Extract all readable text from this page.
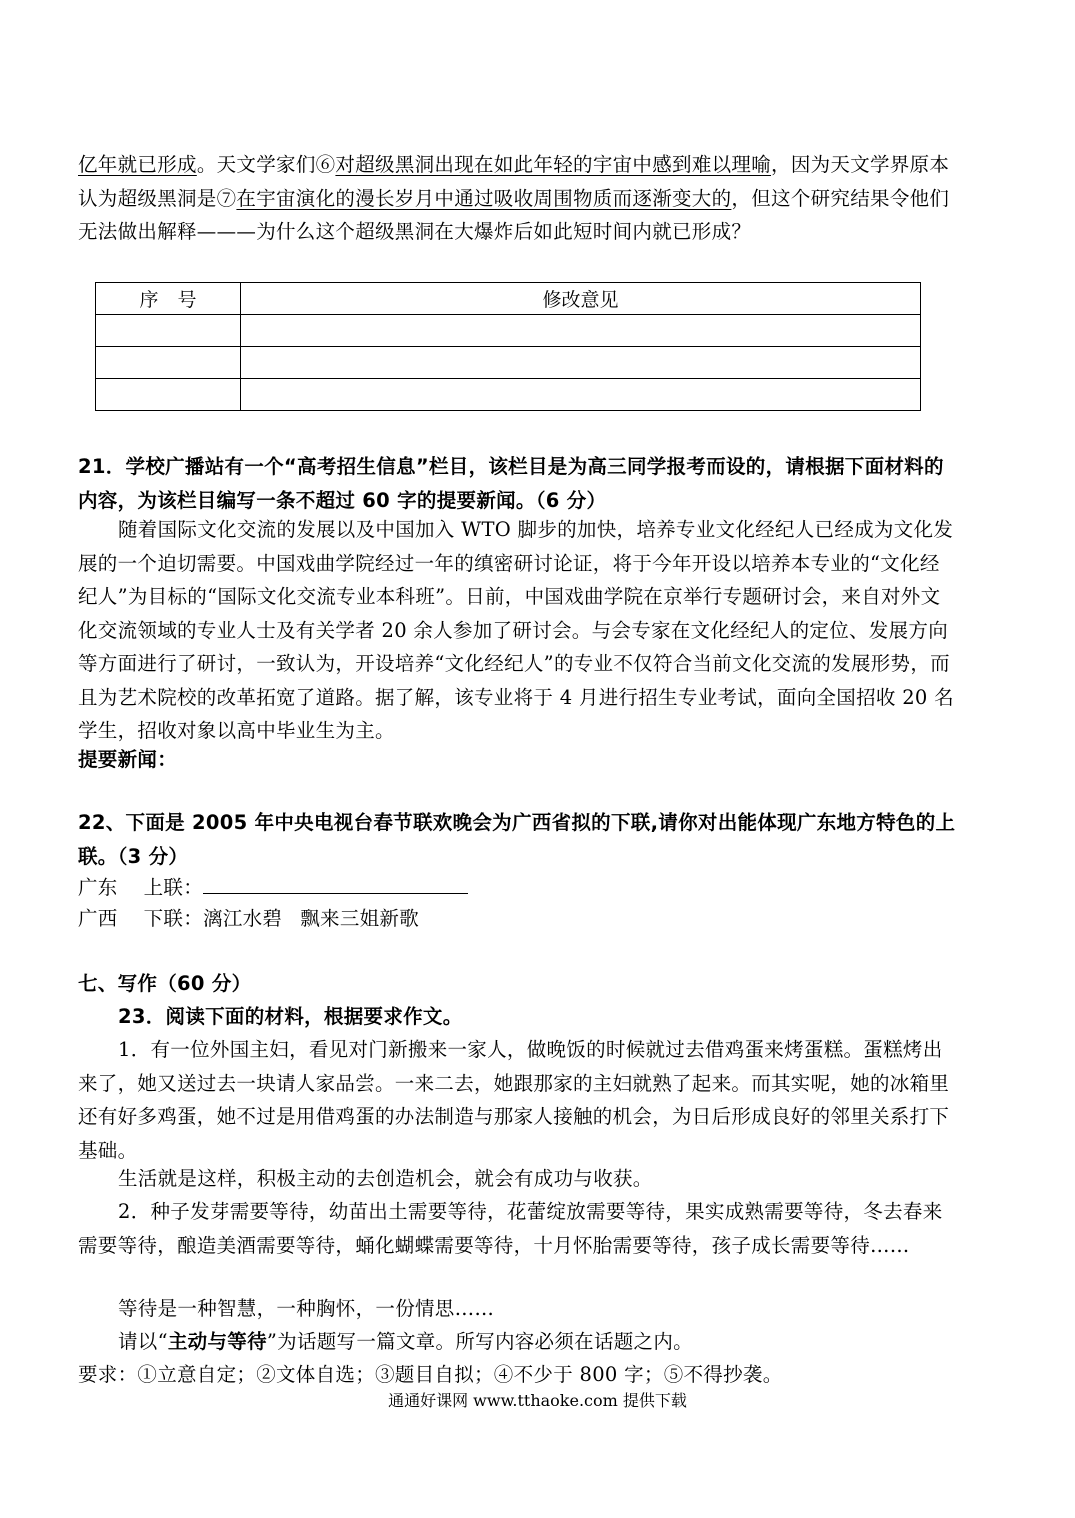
亿年就已形成。天文学家们⑥对超级黑洞出现在如此年轻的宇宙中感到难以理喻，因为天文学界原本认为超级黑洞是⑦在宇宙演化的漫长岁月中通过吸收周围物质而逐渐变大的，但这个研究结果令他们无法做出解释———为什么这个超级黑洞在大爆炸后如此短时间内就已形成？

序　号	修改意见

21．学校广播站有一个“高考招生信息”栏目，该栏目是为高三同学报考而设的，请根据下面材料的内容，为该栏目编写一条不超过 60 字的提要新闻。（6 分）

随着国际文化交流的发展以及中国加入 WTO 脚步的加快，培养专业文化经纪人已经成为文化发展的一个迫切需要。中国戏曲学院经过一年的缜密研讨论证，将于今年开设以培养本专业的“文化经纪人”为目标的“国际文化交流专业本科班”。日前，中国戏曲学院在京举行专题研讨会，来自对外文化交流领域的专业人士及有关学者 20 余人参加了研讨会。与会专家在文化经纪人的定位、发展方向等方面进行了研讨，一致认为，开设培养“文化经纪人”的专业不仅符合当前文化交流的发展形势，而且为艺术院校的改革拓宽了道路。据了解，该专业将于 4 月进行招生专业考试，面向全国招收 20 名学生，招收对象以高中毕业生为主。

提要新闻：

22、下面是 2005 年中央电视台春节联欢晚会为广西省拟的下联,请你对出能体现广东地方特色的上联。（3 分）

广东 上联：

广西 下联：漓江水碧 飘来三姐新歌

七、写作（60 分）

23．阅读下面的材料，根据要求作文。

1．有一位外国主妇，看见对门新搬来一家人，做晚饭的时候就过去借鸡蛋来烤蛋糕。蛋糕烤出来了，她又送过去一块请人家品尝。一来二去，她跟那家的主妇就熟了起来。而其实呢，她的冰箱里还有好多鸡蛋，她不过是用借鸡蛋的办法制造与那家人接触的机会，为日后形成良好的邻里关系打下基础。

生活就是这样，积极主动的去创造机会，就会有成功与收获。

2．种子发芽需要等待，幼苗出土需要等待，花蕾绽放需要等待，果实成熟需要等待，冬去春来需要等待，酿造美酒需要等待，蛹化蝴蝶需要等待，十月怀胎需要等待，孩子成长需要等待……

等待是一种智慧，一种胸怀，一份情思……

请以“主动与等待”为话题写一篇文章。所写内容必须在话题之内。

要求：①立意自定；②文体自选；③题目自拟；④不少于 800 字；⑤不得抄袭。

通通好课网 www.tthaoke.com 提供下载
